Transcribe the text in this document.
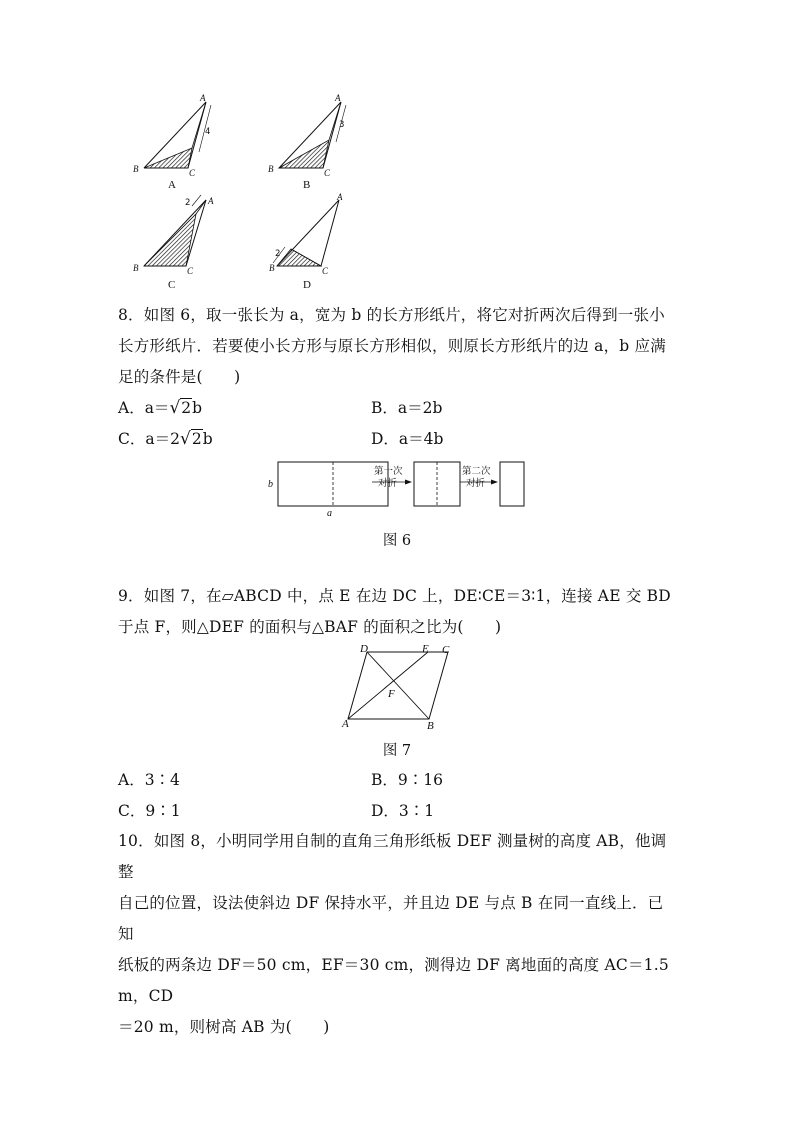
A
B	C
4
A
A
B	C
3
B
A
B	C
2
C
A
B	C
2
D
8．如图 6，取一张长为 a，宽为 b 的长方形纸片，将它对折两次后得到一张小
长方形纸片．若要使小长方形与原长方形相似，则原长方形纸片的边 a，b 应满
足的条件是(　　)
A．a＝√2b	B．a＝2b
C．a＝2√2b	D．a＝4b
b
a
第一次
对折
第二次
对折
图 6
9．如图 7，在▱ABCD 中，点 E 在边 DC 上，DE∶CE＝3∶1，连接 AE 交 BD
于点 F，则△DEF 的面积与△BAF 的面积之比为(　　)
D	E C
F
A	B
图 7
A．3∶4	B．9∶16
C．9∶1	D．3∶1
10．如图 8，小明同学用自制的直角三角形纸板 DEF 测量树的高度 AB，他调整
自己的位置，设法使斜边 DF 保持水平，并且边 DE 与点 B 在同一直线上．已知
纸板的两条边 DF＝50 cm，EF＝30 cm，测得边 DF 离地面的高度 AC＝1.5 m，CD
＝20 m，则树高 AB 为(　　)
